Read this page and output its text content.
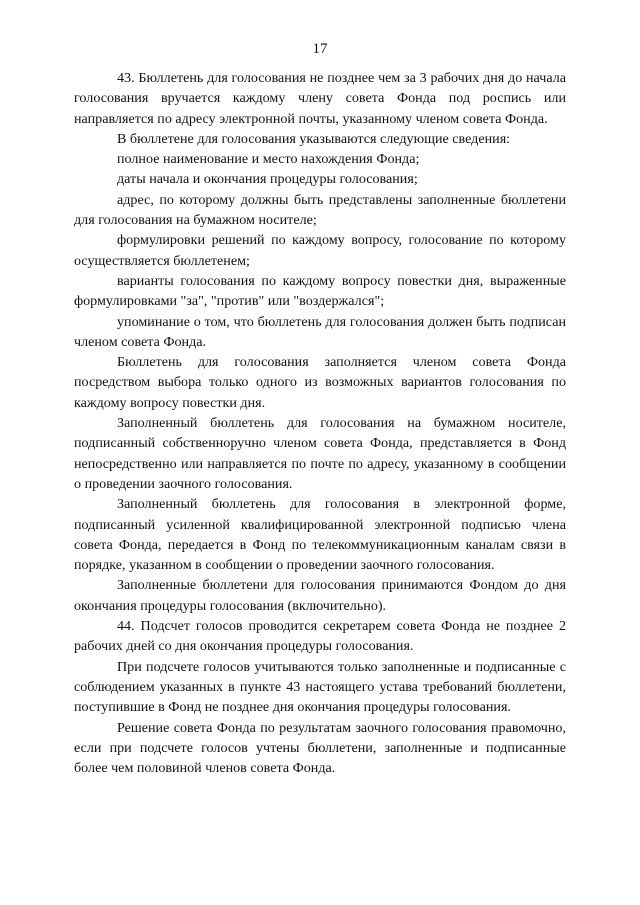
17

43. Бюллетень для голосования не позднее чем за 3 рабочих дня до начала голосования вручается каждому члену совета Фонда под роспись или направляется по адресу электронной почты, указанному членом совета Фонда.

В бюллетене для голосования указываются следующие сведения:

полное наименование и место нахождения Фонда;

даты начала и окончания процедуры голосования;

адрес, по которому должны быть представлены заполненные бюллетени для голосования на бумажном носителе;

формулировки решений по каждому вопросу, голосование по которому осуществляется бюллетенем;

варианты голосования по каждому вопросу повестки дня, выраженные формулировками "за", "против" или "воздержался";

упоминание о том, что бюллетень для голосования должен быть подписан членом совета Фонда.

Бюллетень для голосования заполняется членом совета Фонда посредством выбора только одного из возможных вариантов голосования по каждому вопросу повестки дня.

Заполненный бюллетень для голосования на бумажном носителе, подписанный собственноручно членом совета Фонда, представляется в Фонд непосредственно или направляется по почте по адресу, указанному в сообщении о проведении заочного голосования.

Заполненный бюллетень для голосования в электронной форме, подписанный усиленной квалифицированной электронной подписью члена совета Фонда, передается в Фонд по телекоммуникационным каналам связи в порядке, указанном в сообщении о проведении заочного голосования.

Заполненные бюллетени для голосования принимаются Фондом до дня окончания процедуры голосования (включительно).

44. Подсчет голосов проводится секретарем совета Фонда не позднее 2 рабочих дней со дня окончания процедуры голосования.

При подсчете голосов учитываются только заполненные и подписанные с соблюдением указанных в пункте 43 настоящего устава требований бюллетени, поступившие в Фонд не позднее дня окончания процедуры голосования.

Решение совета Фонда по результатам заочного голосования правомочно, если при подсчете голосов учтены бюллетени, заполненные и подписанные более чем половиной членов совета Фонда.
